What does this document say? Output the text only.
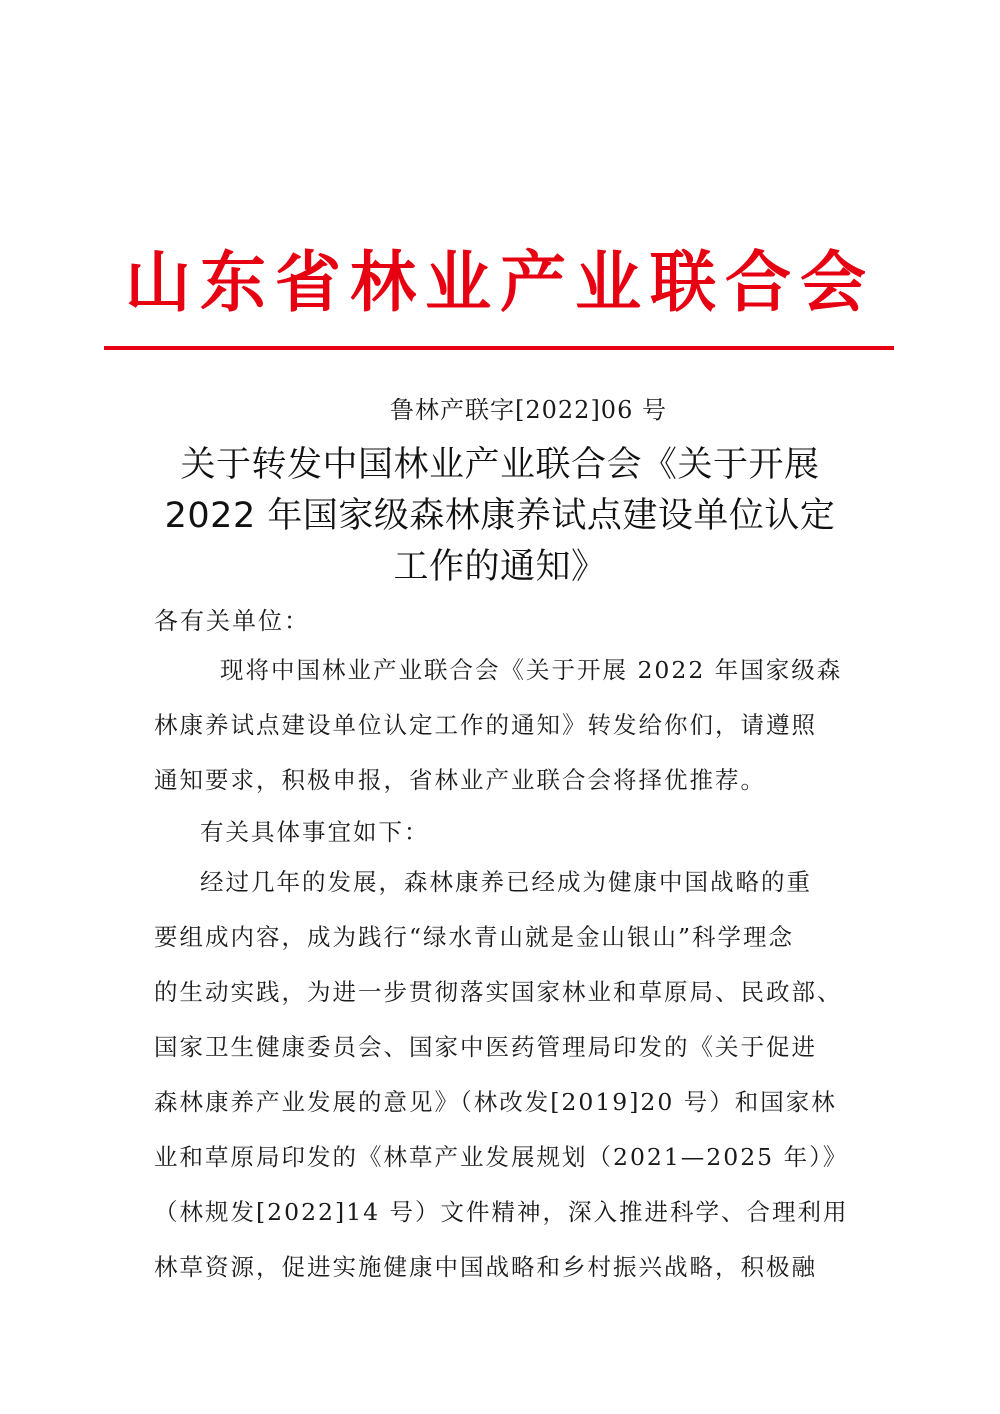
山东省林业产业联合会
鲁林产联字[2022]06 号
关于转发中国林业产业联合会《关于开展
2022 年国家级森林康养试点建设单位认定
工作的通知》
各有关单位：
现将中国林业产业联合会《关于开展 2022 年国家级森
林康养试点建设单位认定工作的通知》转发给你们，请遵照
通知要求，积极申报，省林业产业联合会将择优推荐。
有关具体事宜如下：
经过几年的发展，森林康养已经成为健康中国战略的重
要组成内容，成为践行“绿水青山就是金山银山”科学理念
的生动实践，为进一步贯彻落实国家林业和草原局、民政部、
国家卫生健康委员会、国家中医药管理局印发的《关于促进
森林康养产业发展的意见》（林改发[2019]20 号）和国家林
业和草原局印发的《林草产业发展规划（2021—2025 年）》
（林规发[2022]14 号）文件精神，深入推进科学、合理利用
林草资源，促进实施健康中国战略和乡村振兴战略，积极融
